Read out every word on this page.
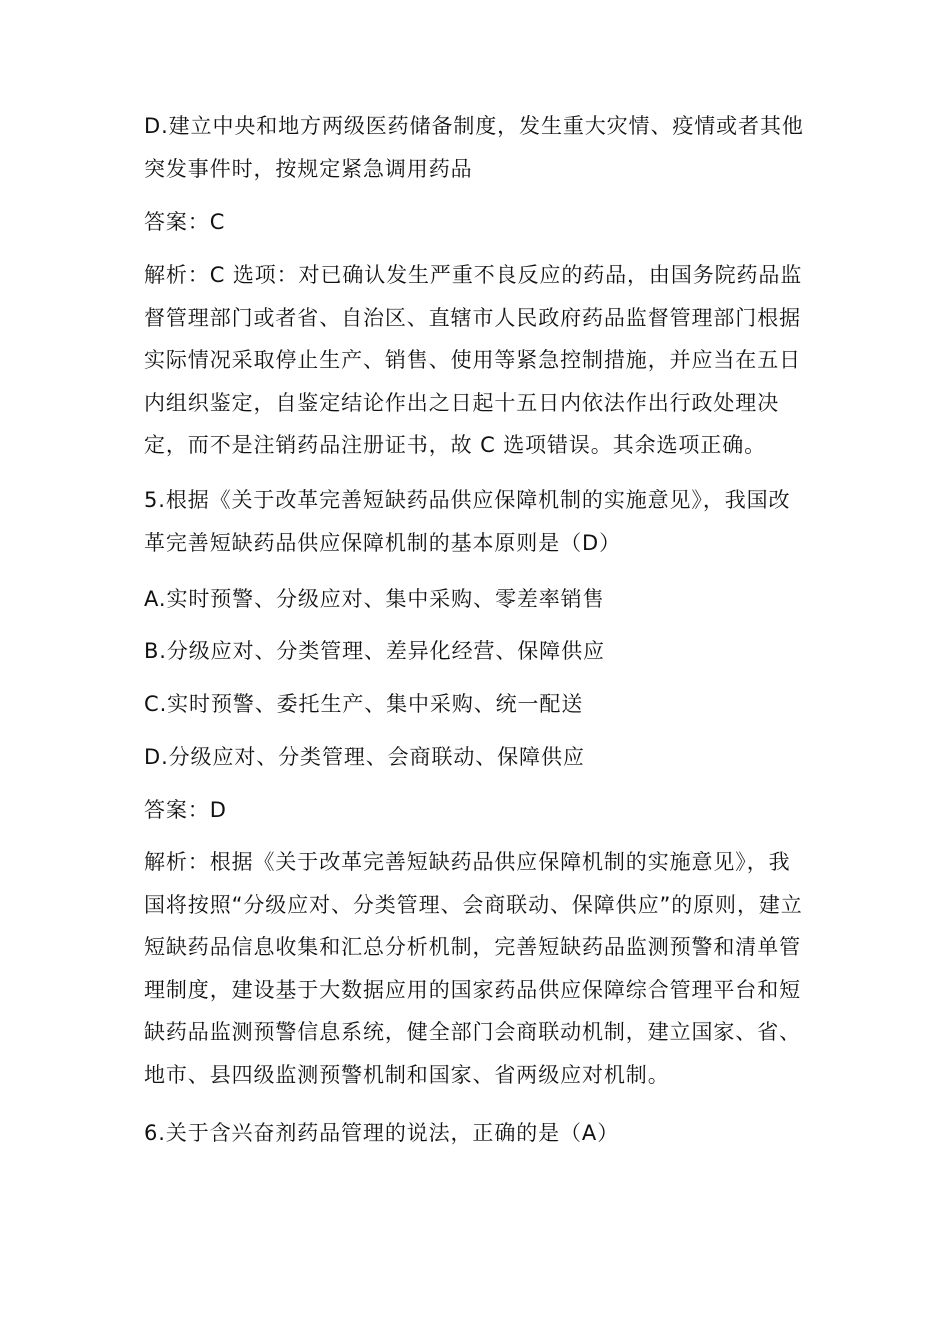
D.建立中央和地方两级医药储备制度，发生重大灾情、疫情或者其他
突发事件时，按规定紧急调用药品
答案：C
解析：C 选项：对已确认发生严重不良反应的药品，由国务院药品监
督管理部门或者省、自治区、直辖市人民政府药品监督管理部门根据
实际情况采取停止生产、销售、使用等紧急控制措施，并应当在五日
内组织鉴定，自鉴定结论作出之日起十五日内依法作出行政处理决
定，而不是注销药品注册证书，故 C 选项错误。其余选项正确。
5.根据《关于改革完善短缺药品供应保障机制的实施意见》，我国改
革完善短缺药品供应保障机制的基本原则是（D）
A.实时预警、分级应对、集中采购、零差率销售
B.分级应对、分类管理、差异化经营、保障供应
C.实时预警、委托生产、集中采购、统一配送
D.分级应对、分类管理、会商联动、保障供应
答案：D
解析：根据《关于改革完善短缺药品供应保障机制的实施意见》，我
国将按照“分级应对、分类管理、会商联动、保障供应”的原则，建立
短缺药品信息收集和汇总分析机制，完善短缺药品监测预警和清单管
理制度，建设基于大数据应用的国家药品供应保障综合管理平台和短
缺药品监测预警信息系统，健全部门会商联动机制，建立国家、省、
地市、县四级监测预警机制和国家、省两级应对机制。
6.关于含兴奋剂药品管理的说法，正确的是（A）
